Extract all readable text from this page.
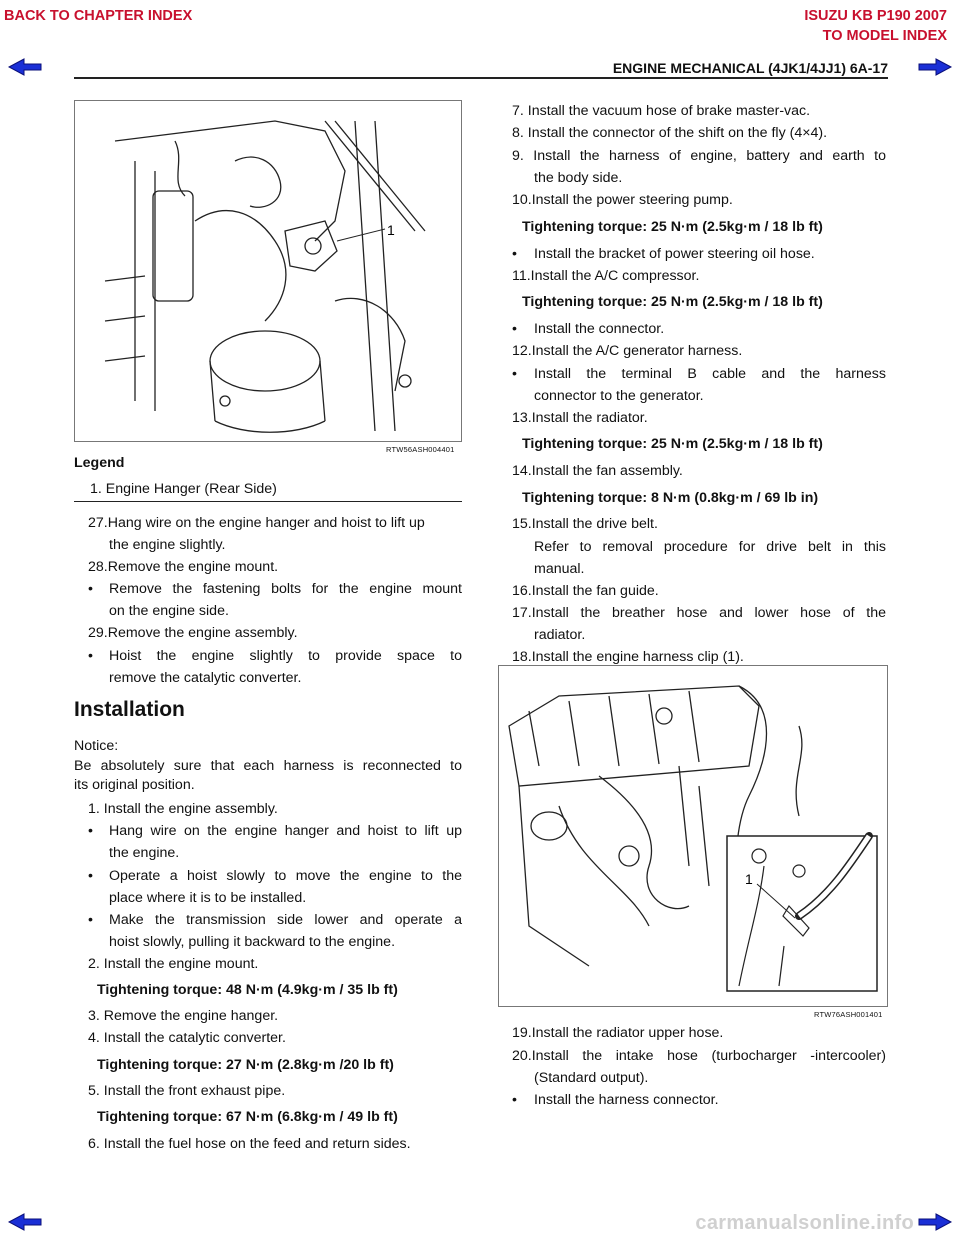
BACK TO CHAPTER INDEX	ISUZU KB P190 2007
TO MODEL INDEX
ENGINE MECHANICAL (4JK1/4JJ1) 6A-17
1
RTW56ASH004401
Legend
1. Engine Hanger (Rear Side)
27.Hang wire on the engine hanger and hoist to lift up
the engine slightly.
28.Remove the engine mount.
• Remove the fastening bolts for the engine mount
on the engine side.
29.Remove the engine assembly.
• Hoist the engine slightly to provide space to
remove the catalytic converter.
Installation
Notice:
Be absolutely sure that each harness is reconnected to
its original position.
1. Install the engine assembly.
• Hang wire on the engine hanger and hoist to lift up
the engine.
• Operate a hoist slowly to move the engine to the
place where it is to be installed.
• Make the transmission side lower and operate a
hoist slowly, pulling it backward to the engine.
2. Install the engine mount.
Tightening torque: 48 N·m (4.9kg·m / 35 lb ft)
3. Remove the engine hanger.
4. Install the catalytic converter.
Tightening torque: 27 N·m (2.8kg·m /20 lb ft)
5. Install the front exhaust pipe.
Tightening torque: 67 N·m (6.8kg·m / 49 lb ft)
6. Install the fuel hose on the feed and return sides.
7. Install the vacuum hose of brake master-vac.
8. Install the connector of the shift on the fly (4×4).
9. Install the harness of engine, battery and earth to
the body side.
10.Install the power steering pump.
Tightening torque: 25 N·m (2.5kg·m / 18 lb ft)
• Install the bracket of power steering oil hose.
11.Install the A/C compressor.
Tightening torque: 25 N·m (2.5kg·m / 18 lb ft)
• Install the connector.
12.Install the A/C generator harness.
• Install the terminal B cable and the harness
connector to the generator.
13.Install the radiator.
Tightening torque: 25 N·m (2.5kg·m / 18 lb ft)
14.Install the fan assembly.
Tightening torque: 8 N·m (0.8kg·m / 69 lb in)
15.Install the drive belt.
Refer to removal procedure for drive belt in this
manual.
16.Install the fan guide.
17.Install the breather hose and lower hose of the
radiator.
18.Install the engine harness clip (1).
1
RTW76ASH001401
19.Install the radiator upper hose.
20.Install the intake hose (turbocharger -intercooler)
(Standard output).
• Install the harness connector.
carmanualsonline.info
